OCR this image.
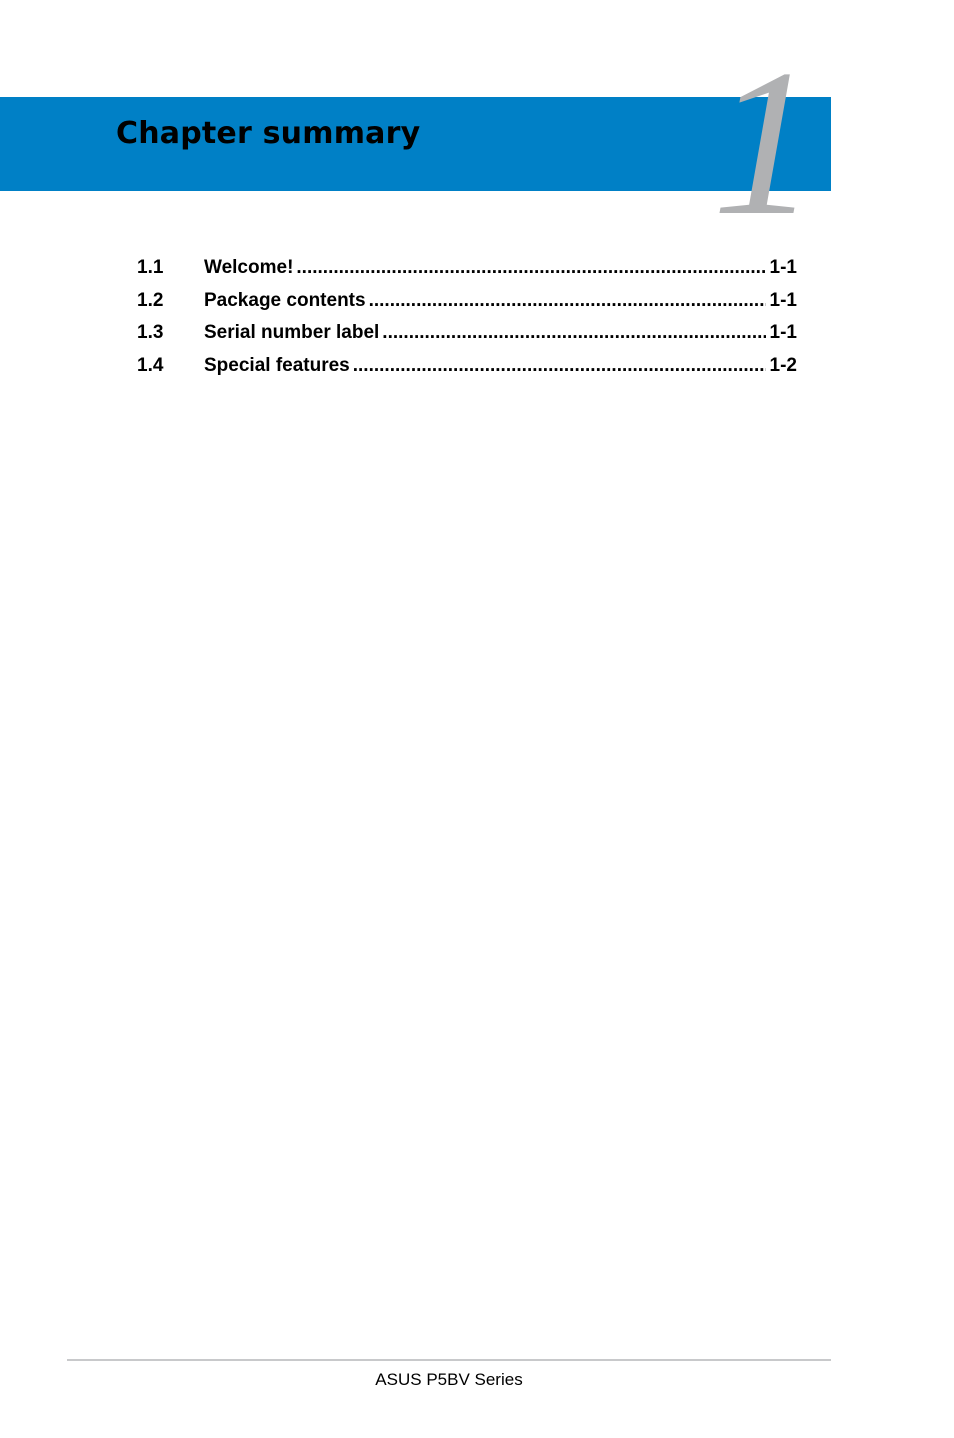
1
Chapter summary
1.1	Welcome! .....	1-1
1.2	Package contents .....	1-1
1.3	Serial number label .....	1-1
1.4	Special features .....	1-2
ASUS P5BV Series
